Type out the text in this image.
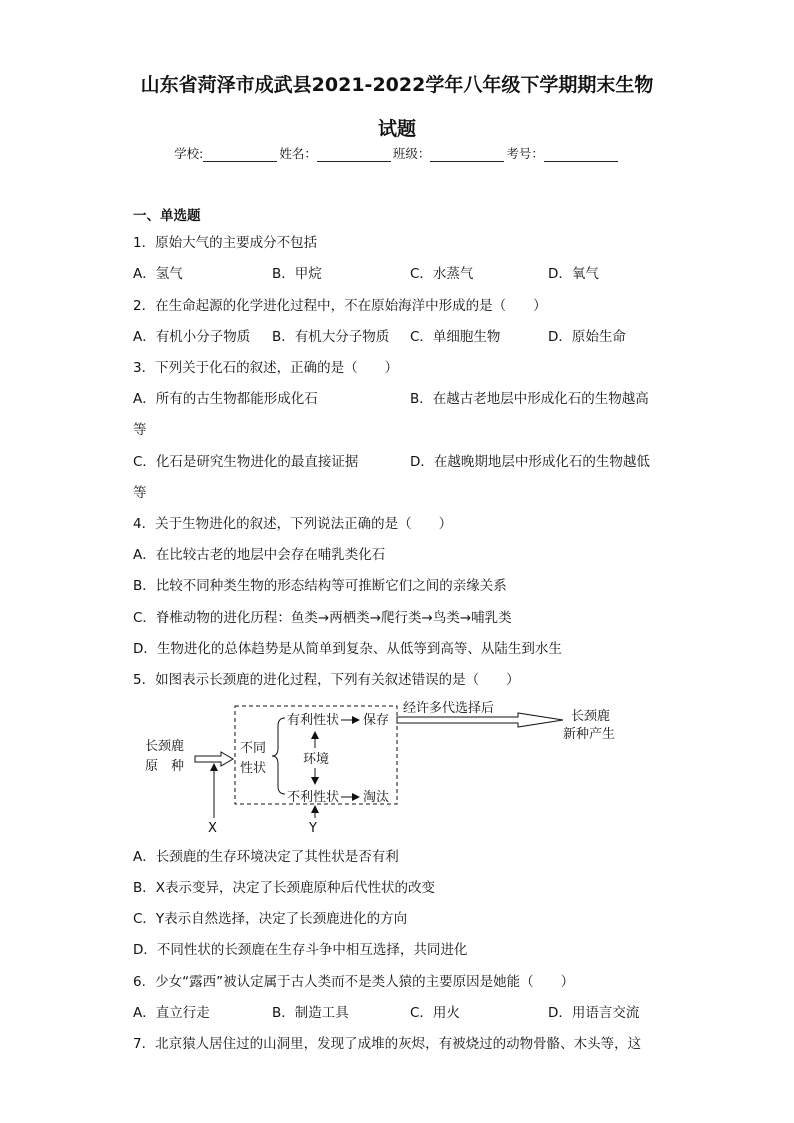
山东省菏泽市成武县2021-2022学年八年级下学期期末生物
试题
学校:	姓名：	班级：	考号：
一、单选题
1．原始大气的主要成分不包括
A．氢气	B．甲烷	C．水蒸气	D．氧气
2．在生命起源的化学进化过程中，不在原始海洋中形成的是（　　）
A．有机小分子物质 B．有机大分子物质 C．单细胞生物	D．原始生命
3．下列关于化石的叙述，正确的是（　　）
A．所有的古生物都能形成化石	B．在越古老地层中形成化石的生物越高
等
C．化石是研究生物进化的最直接证据	D．在越晚期地层中形成化石的生物越低
等
4．关于生物进化的叙述，下列说法正确的是（　　）
A．在比较古老的地层中会存在哺乳类化石
B．比较不同种类生物的形态结构等可推断它们之间的亲缘关系
C．脊椎动物的进化历程：鱼类→两栖类→爬行类→鸟类→哺乳类
D．生物进化的总体趋势是从简单到复杂、从低等到高等、从陆生到水生
5．如图表示长颈鹿的进化过程，下列有关叙述错误的是（　　）
长颈鹿
原　种
X
不同
性状
有利性状 保存
环境
不利性状 淘汰
Y
经许多代选择后
长颈鹿
新种产生
A．长颈鹿的生存环境决定了其性状是否有利
B．X表示变异，决定了长颈鹿原种后代性状的改变
C．Y表示自然选择，决定了长颈鹿进化的方向
D．不同性状的长颈鹿在生存斗争中相互选择，共同进化
6．少女“露西”被认定属于古人类而不是类人猿的主要原因是她能（　　）
A．直立行走	B．制造工具	C．用火	D．用语言交流
7．北京猿人居住过的山洞里，发现了成堆的灰烬，有被烧过的动物骨骼、木头等，这
